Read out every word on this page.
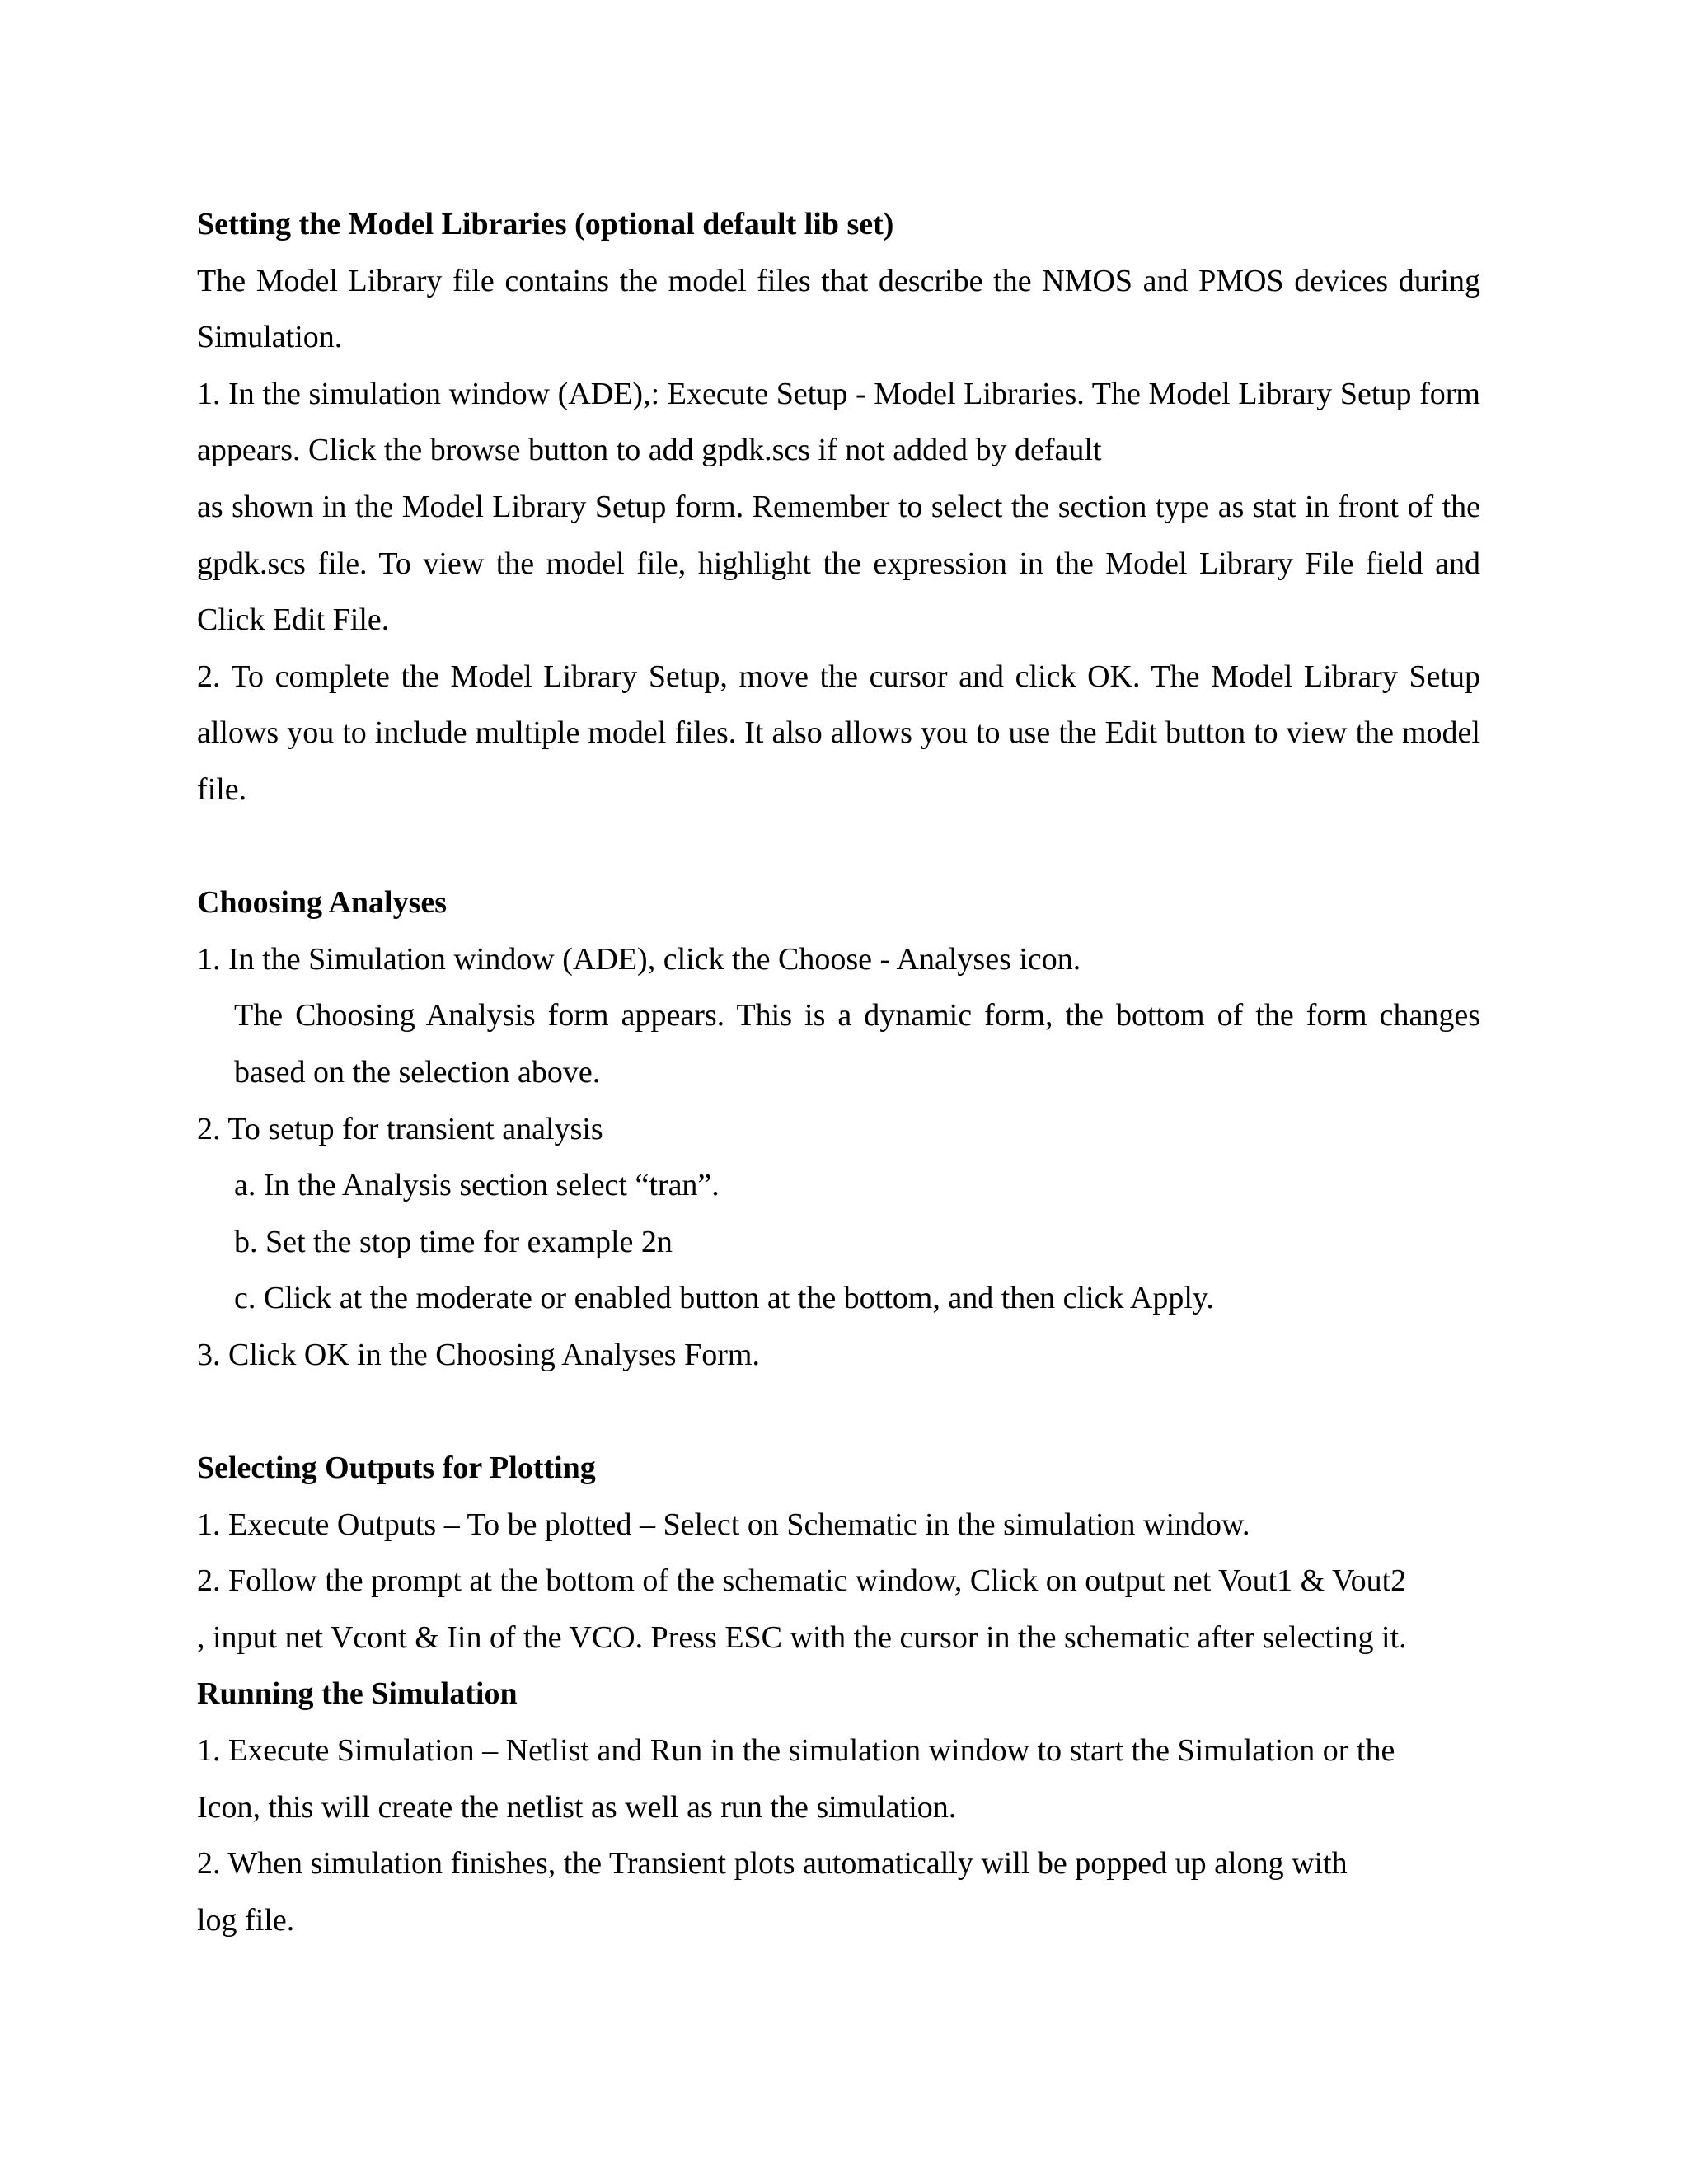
Setting the Model Libraries (optional default lib set)

The Model Library file contains the model files that describe the NMOS and PMOS devices during Simulation.

1. In the simulation window (ADE),: Execute Setup - Model Libraries. The Model Library Setup form appears. Click the browse button to add gpdk.scs if not added by default

as shown in the Model Library Setup form. Remember to select the section type as stat in front of the gpdk.scs file. To view the model file, highlight the expression in the Model Library File field and Click Edit File.

2. To complete the Model Library Setup, move the cursor and click OK. The Model Library Setup allows you to include multiple model files. It also allows you to use the Edit button to view the model file.

Choosing Analyses

1. In the Simulation window (ADE), click the Choose - Analyses icon.

The Choosing Analysis form appears. This is a dynamic form, the bottom of the form changes based on the selection above.

2. To setup for transient analysis

a. In the Analysis section select “tran”.

b. Set the stop time for example 2n

c. Click at the moderate or enabled button at the bottom, and then click Apply.

3. Click OK in the Choosing Analyses Form.

Selecting Outputs for Plotting

1. Execute Outputs – To be plotted – Select on Schematic in the simulation window.

2. Follow the prompt at the bottom of the schematic window, Click on output net Vout1 & Vout2

, input net Vcont & Iin of the VCO. Press ESC with the cursor in the schematic after selecting it.

Running the Simulation

1. Execute Simulation – Netlist and Run in the simulation window to start the Simulation or the

Icon, this will create the netlist as well as run the simulation.

2. When simulation finishes, the Transient plots automatically will be popped up along with

log file.
